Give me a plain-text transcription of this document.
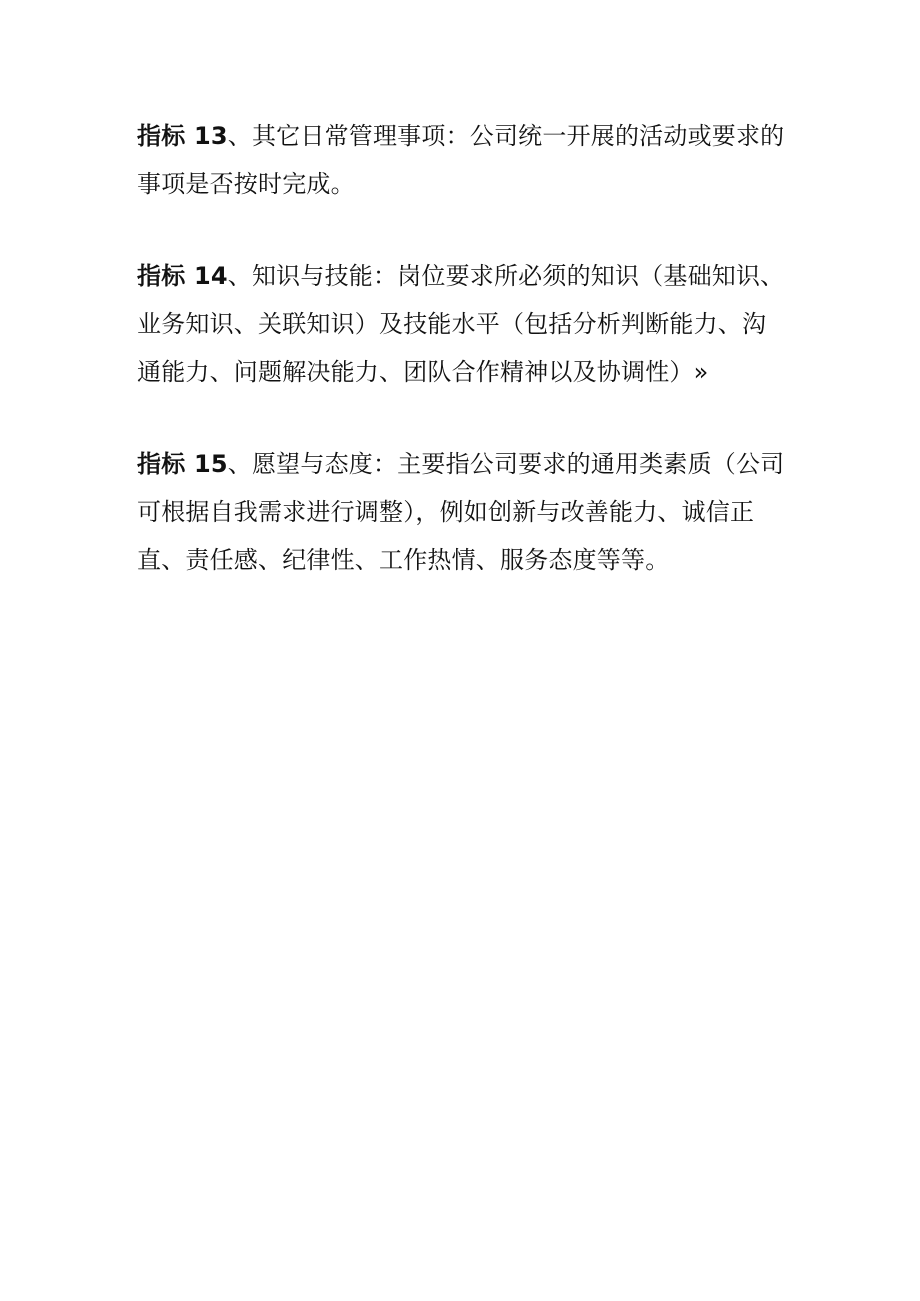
指标 13、其它日常管理事项：公司统一开展的活动或要求的
事项是否按时完成。
指标 14、知识与技能：岗位要求所必须的知识（基础知识、
业务知识、关联知识）及技能水平（包括分析判断能力、沟
通能力、问题解决能力、团队合作精神以及协调性）»
指标 15、愿望与态度：主要指公司要求的通用类素质（公司
可根据自我需求进行调整），例如创新与改善能力、诚信正
直、责任感、纪律性、工作热情、服务态度等等。
